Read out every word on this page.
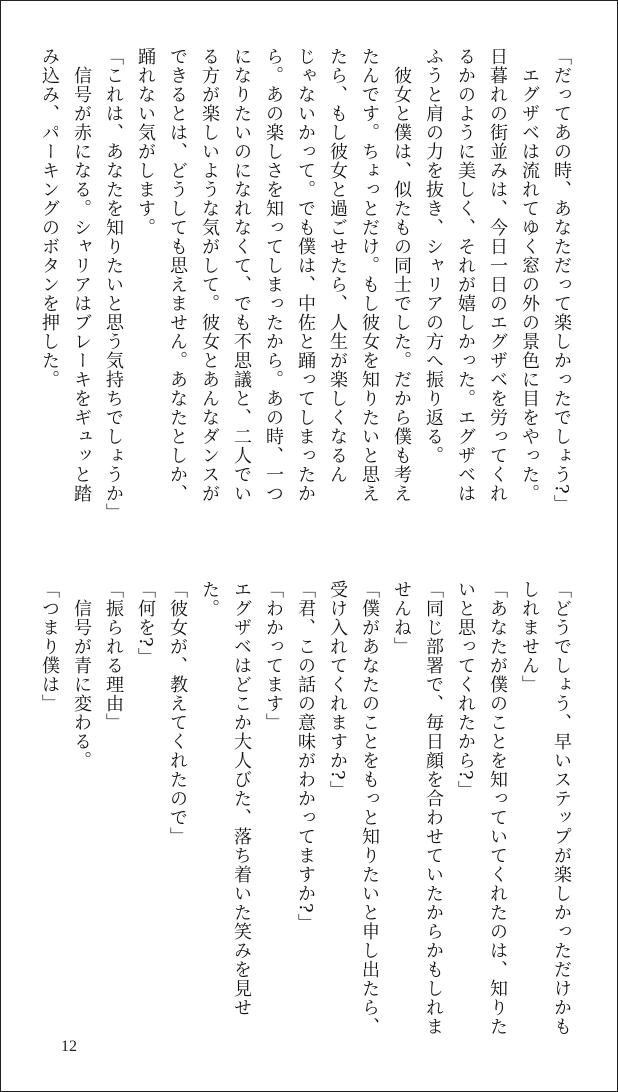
「だってあの時、あなただって楽しかったでしょう?」
　エグザベは流れてゆく窓の外の景色に目をやった。
日暮れの街並みは、今日一日のエグザベを労ってくれ
るかのように美しく、それが嬉しかった。エグザベは
ふうと肩の力を抜き、シャリアの方へ振り返る。
　彼女と僕は、似たもの同士でした。だから僕も考え
たんです。ちょっとだけ。もし彼女を知りたいと思え
たら、もし彼女と過ごせたら、人生が楽しくなるん
じゃないかって。でも僕は、中佐と踊ってしまったか
ら。あの楽しさを知ってしまったから。あの時、一つ
になりたいのになれなくて、でも不思議と、二人でい
る方が楽しいような気がして。彼女とあんなダンスが
できるとは、どうしても思えません。あなたとしか、
踊れない気がします。
「これは、あなたを知りたいと思う気持ちでしょうか」
　信号が赤になる。シャリアはブレーキをギュッと踏
み込み、パーキングのボタンを押した。
「どうでしょう、早いステップが楽しかっただけかも
しれません」
「あなたが僕のことを知っていてくれたのは、知りた
いと思ってくれたから?」
「同じ部署で、毎日顔を合わせていたからかもしれま
せんね」
「僕があなたのことをもっと知りたいと申し出たら、
受け入れてくれますか?」
「君、この話の意味がわかってますか?」
「わかってます」
エグザベはどこか大人びた、落ち着いた笑みを見せ
た。
「彼女が、教えてくれたので」
「何を?」
「振られる理由」
　信号が青に変わる。
「つまり僕は」
12
